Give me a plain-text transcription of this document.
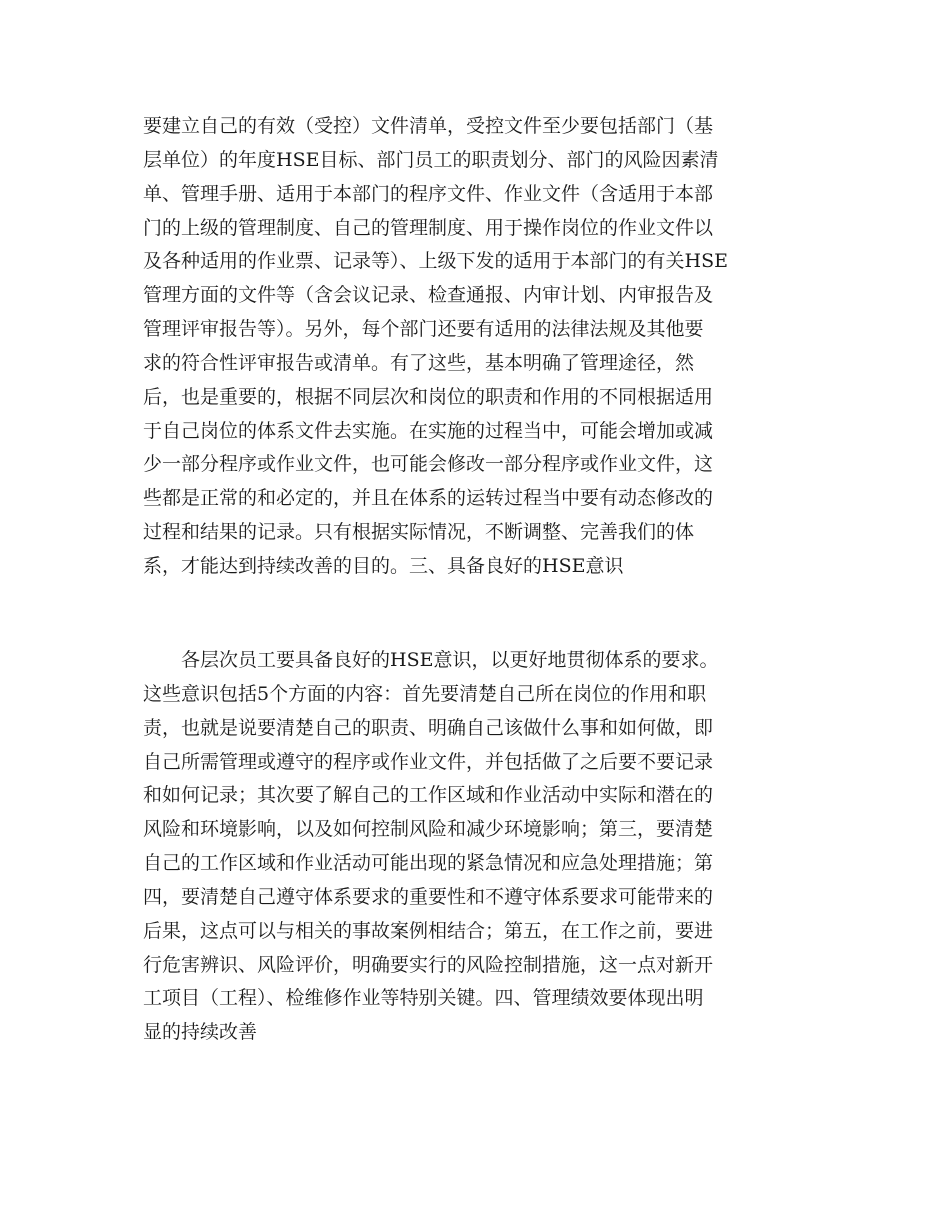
要建立自己的有效（受控）文件清单，受控文件至少要包括部门（基
层单位）的年度HSE目标、部门员工的职责划分、部门的风险因素清
单、管理手册、适用于本部门的程序文件、作业文件（含适用于本部
门的上级的管理制度、自己的管理制度、用于操作岗位的作业文件以
及各种适用的作业票、记录等）、上级下发的适用于本部门的有关HSE
管理方面的文件等（含会议记录、检查通报、内审计划、内审报告及
管理评审报告等）。另外，每个部门还要有适用的法律法规及其他要
求的符合性评审报告或清单。有了这些，基本明确了管理途径，然
后，也是重要的，根据不同层次和岗位的职责和作用的不同根据适用
于自己岗位的体系文件去实施。在实施的过程当中，可能会增加或减
少一部分程序或作业文件，也可能会修改一部分程序或作业文件，这
些都是正常的和必定的，并且在体系的运转过程当中要有动态修改的
过程和结果的记录。只有根据实际情况，不断调整、完善我们的体
系，才能达到持续改善的目的。三、具备良好的HSE意识
　　各层次员工要具备良好的HSE意识，以更好地贯彻体系的要求。
这些意识包括5个方面的内容：首先要清楚自己所在岗位的作用和职
责，也就是说要清楚自己的职责、明确自己该做什么事和如何做，即
自己所需管理或遵守的程序或作业文件，并包括做了之后要不要记录
和如何记录；其次要了解自己的工作区域和作业活动中实际和潜在的
风险和环境影响，以及如何控制风险和减少环境影响；第三，要清楚
自己的工作区域和作业活动可能出现的紧急情况和应急处理措施；第
四，要清楚自己遵守体系要求的重要性和不遵守体系要求可能带来的
后果，这点可以与相关的事故案例相结合；第五，在工作之前，要进
行危害辨识、风险评价，明确要实行的风险控制措施，这一点对新开
工项目（工程）、检维修作业等特别关键。四、管理绩效要体现出明
显的持续改善
